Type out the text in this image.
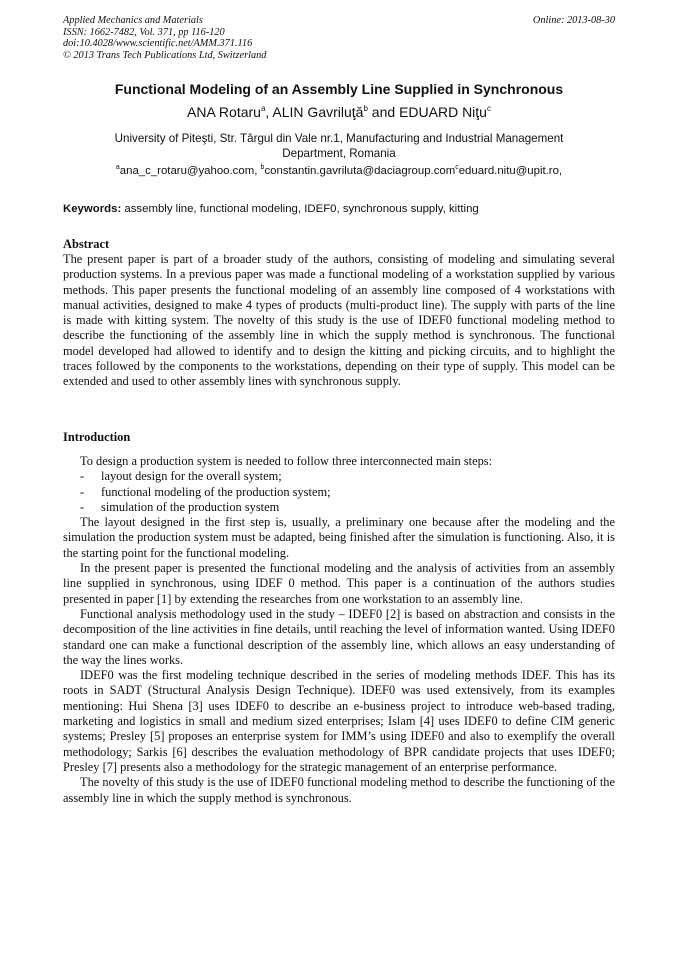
Applied Mechanics and Materials
ISSN: 1662-7482, Vol. 371, pp 116-120
doi:10.4028/www.scientific.net/AMM.371.116
© 2013 Trans Tech Publications Ltd, Switzerland
Online: 2013-08-30
Functional Modeling of an Assembly Line Supplied in Synchronous
ANA Rotaru$^a$, ALIN Gavriluţă$^b$ and EDUARD Niţu$^c$
University of Piteşti, Str. Târgul din Vale nr.1, Manufacturing and Industrial Management Department, Romania
$^a$ana_c_rotaru@yahoo.com, $^b$constantin.gavriluta@daciagroup.com$^c$eduard.nitu@upit.ro,
Keywords: assembly line, functional modeling, IDEF0, synchronous supply, kitting
Abstract

The present paper is part of a broader study of the authors, consisting of modeling and simulating several production systems. In a previous paper was made a functional modeling of a workstation supplied by various methods. This paper presents the functional modeling of an assembly line composed of 4 workstations with manual activities, designed to make 4 types of products (multi-product line). The supply with parts of the line is made with kitting system. The novelty of this study is the use of IDEF0 functional modeling method to describe the functioning of the assembly line in which the supply method is synchronous. The functional model developed had allowed to identify and to design the kitting and picking circuits, and to highlight the traces followed by the components to the workstations, depending on their type of supply. This model can be extended and used to other assembly lines with synchronous supply.

Introduction

To design a production system is needed to follow three interconnected main steps:

- layout design for the overall system;
- functional modeling of the production system;
- simulation of the production system

The layout designed in the first step is, usually, a preliminary one because after the modeling and the simulation the production system must be adapted, being finished after the simulation is functioning. Also, it is the starting point for the functional modeling.

In the present paper is presented the functional modeling and the analysis of activities from an assembly line supplied in synchronous, using IDEF 0 method. This paper is a continuation of the authors studies presented in paper [1] by extending the researches from one workstation to an assembly line.

Functional analysis methodology used in the study – IDEF0 [2] is based on abstraction and consists in the decomposition of the line activities in fine details, until reaching the level of information wanted. Using IDEF0 standard one can make a functional description of the assembly line, which allows an easy understanding of the way the lines works.

IDEF0 was the first modeling technique described in the series of modeling methods IDEF. This has its roots in SADT (Structural Analysis Design Technique). IDEF0 was used extensively, from its examples mentioning: Hui Shena [3] uses IDEF0 to describe an e-business project to introduce web-based trading, marketing and logistics in small and medium sized enterprises; Islam [4] uses IDEF0 to define CIM generic systems; Presley [5] proposes an enterprise system for IMM’s using IDEF0 and also to exemplify the overall methodology; Sarkis [6] describes the evaluation methodology of BPR candidate projects that uses IDEF0; Presley [7] presents also a methodology for the strategic management of an enterprise performance.

The novelty of this study is the use of IDEF0 functional modeling method to describe the functioning of the assembly line in which the supply method is synchronous.
